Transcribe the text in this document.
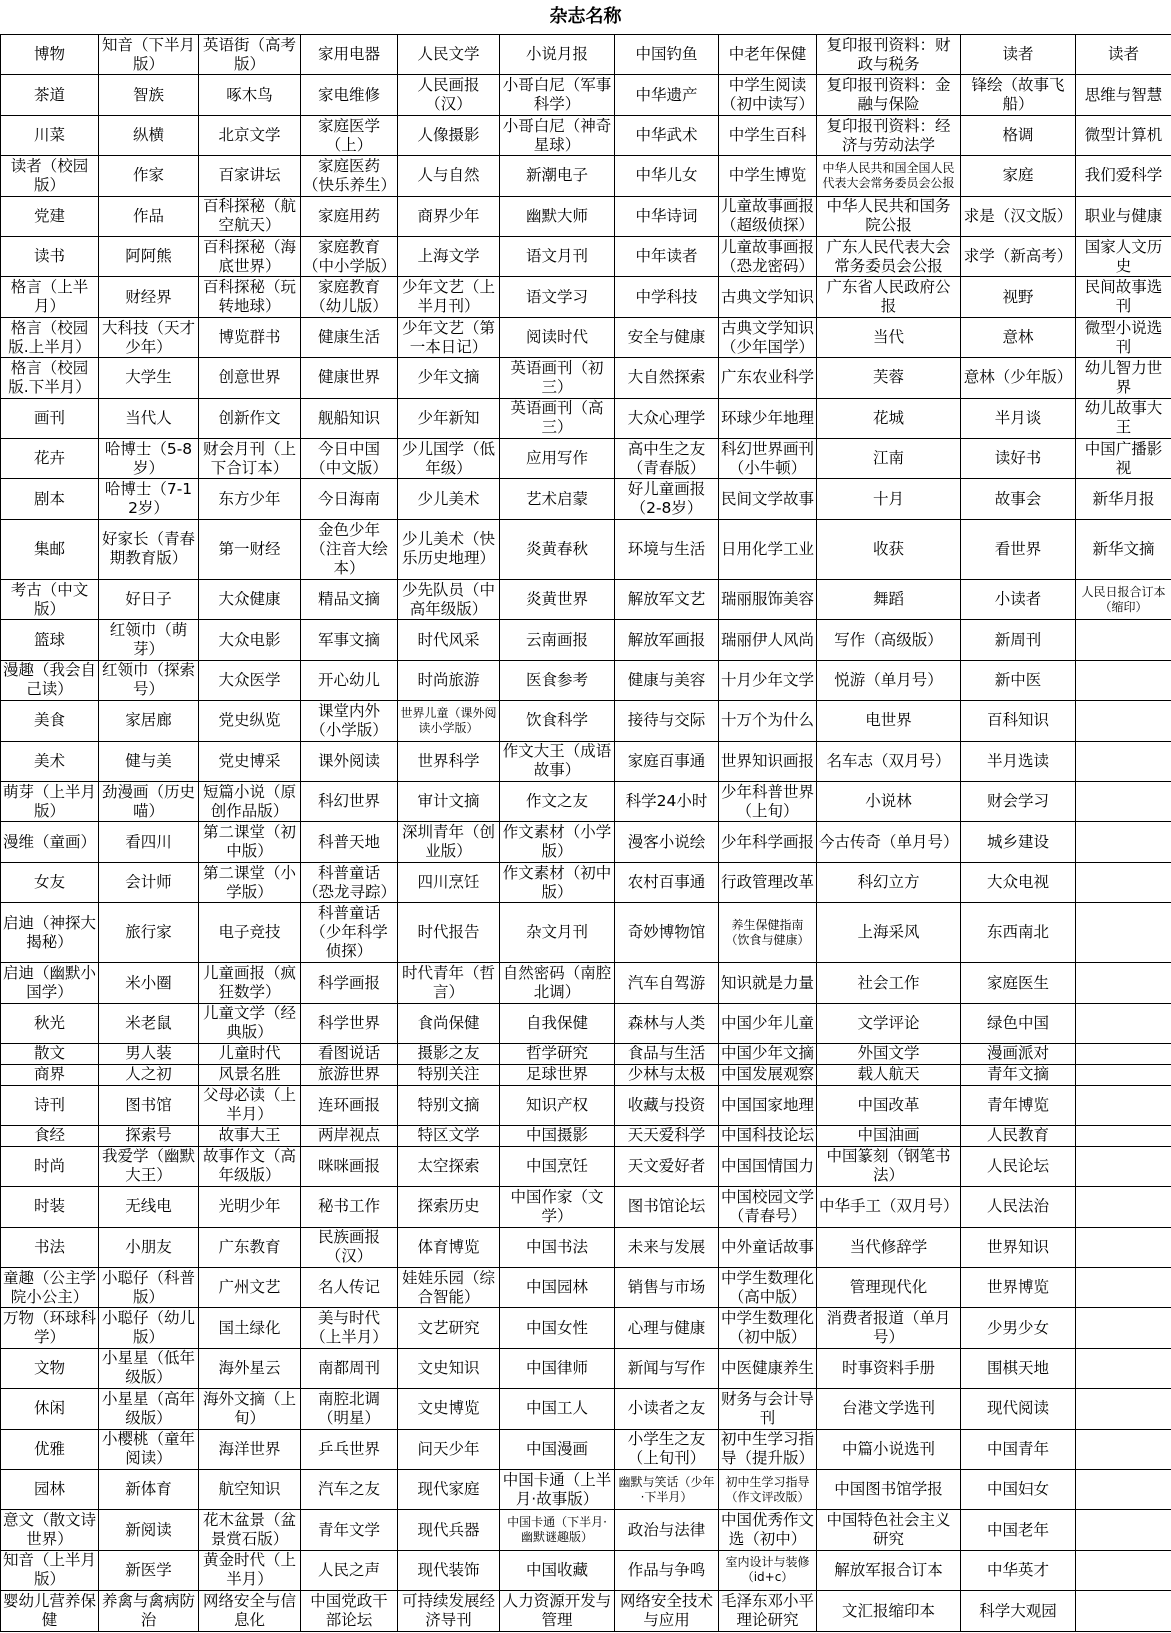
杂志名称
博物	知音（下半月版）	英语街（高考版）	家用电器	人民文学	小说月报	中国钓鱼	中老年保健	复印报刊资料：财政与税务	读者	读者
茶道	智族	啄木鸟	家电维修	人民画报（汉）	小哥白尼（军事科学）	中华遗产	中学生阅读（初中读写）	复印报刊资料：金融与保险	锋绘（故事飞船）	思维与智慧
川菜	纵横	北京文学	家庭医学（上）	人像摄影	小哥白尼（神奇星球）	中华武术	中学生百科	复印报刊资料：经济与劳动法学	格调	微型计算机
读者（校园版）	作家	百家讲坛	家庭医药（快乐养生）	人与自然	新潮电子	中华儿女	中学生博览	中华人民共和国全国人民代表大会常务委员会公报	家庭	我们爱科学
党建	作品	百科探秘（航空航天）	家庭用药	商界少年	幽默大师	中华诗词	儿童故事画报（超级侦探）	中华人民共和国务院公报	求是（汉文版）	职业与健康
读书	阿阿熊	百科探秘（海底世界）	家庭教育（中小学版）	上海文学	语文月刊	中年读者	儿童故事画报（恐龙密码）	广东人民代表大会常务委员会公报	求学（新高考）	国家人文历史
格言（上半月）	财经界	百科探秘（玩转地球）	家庭教育（幼儿版）	少年文艺（上半月刊）	语文学习	中学科技	古典文学知识	广东省人民政府公报	视野	民间故事选刊
格言（校园版.上半月）	大科技（天才少年）	博览群书	健康生活	少年文艺（第一本日记）	阅读时代	安全与健康	古典文学知识（少年国学）	当代	意林	微型小说选刊
格言（校园版.下半月）	大学生	创意世界	健康世界	少年文摘	英语画刊（初三）	大自然探索	广东农业科学	芙蓉	意林（少年版）	幼儿智力世界
画刊	当代人	创新作文	舰船知识	少年新知	英语画刊（高三）	大众心理学	环球少年地理	花城	半月谈	幼儿故事大王
花卉	哈博士（5-8岁）	财会月刊（上下合订本）	今日中国（中文版）	少儿国学（低年级）	应用写作	高中生之友（青春版）	科幻世界画刊（小牛顿）	江南	读好书	中国广播影视
剧本	哈博士（7-12岁）	东方少年	今日海南	少儿美术	艺术启蒙	好儿童画报（2-8岁）	民间文学故事	十月	故事会	新华月报
集邮	好家长（青春期教育版）	第一财经	金色少年（注音大绘本）	少儿美术（快乐历史地理）	炎黄春秋	环境与生活	日用化学工业	收获	看世界	新华文摘
考古（中文版）	好日子	大众健康	精品文摘	少先队员（中高年级版）	炎黄世界	解放军文艺	瑞丽服饰美容	舞蹈	小读者	人民日报合订本（缩印）
篮球	红领巾（萌芽）	大众电影	军事文摘	时代风采	云南画报	解放军画报	瑞丽伊人风尚	写作（高级版）	新周刊	
漫趣（我会自己读）	红领巾（探索号）	大众医学	开心幼儿	时尚旅游	医食参考	健康与美容	十月少年文学	悦游（单月号）	新中医	
美食	家居廊	党史纵览	课堂内外（小学版）	世界儿童（课外阅读小学版）	饮食科学	接待与交际	十万个为什么	电世界	百科知识	
美术	健与美	党史博采	课外阅读	世界科学	作文大王（成语故事）	家庭百事通	世界知识画报	名车志（双月号）	半月选读	
萌芽（上半月版）	劲漫画（历史喵）	短篇小说（原创作品版）	科幻世界	审计文摘	作文之友	科学24小时	少年科普世界（上旬）	小说林	财会学习	
漫维（童画）	看四川	第二课堂（初中版）	科普天地	深圳青年（创业版）	作文素材（小学版）	漫客小说绘	少年科学画报	今古传奇（单月号）	城乡建设	
女友	会计师	第二课堂（小学版）	科普童话（恐龙寻踪）	四川烹饪	作文素材（初中版）	农村百事通	行政管理改革	科幻立方	大众电视	
启迪（神探大揭秘）	旅行家	电子竞技	科普童话（少年科学侦探）	时代报告	杂文月刊	奇妙博物馆	养生保健指南（饮食与健康）	上海采风	东西南北	
启迪（幽默小国学）	米小圈	儿童画报（疯狂数学）	科学画报	时代青年（哲言）	自然密码（南腔北调）	汽车自驾游	知识就是力量	社会工作	家庭医生	
秋光	米老鼠	儿童文学（经典版）	科学世界	食尚保健	自我保健	森林与人类	中国少年儿童	文学评论	绿色中国	
散文	男人装	儿童时代	看图说话	摄影之友	哲学研究	食品与生活	中国少年文摘	外国文学	漫画派对	
商界	人之初	风景名胜	旅游世界	特别关注	足球世界	少林与太极	中国发展观察	载人航天	青年文摘	
诗刊	图书馆	父母必读（上半月）	连环画报	特别文摘	知识产权	收藏与投资	中国国家地理	中国改革	青年博览	
食经	探索号	故事大王	两岸视点	特区文学	中国摄影	天天爱科学	中国科技论坛	中国油画	人民教育	
时尚	我爱学（幽默大王）	故事作文（高年级版）	咪咪画报	太空探索	中国烹饪	天文爱好者	中国国情国力	中国篆刻（钢笔书法）	人民论坛	
时装	无线电	光明少年	秘书工作	探索历史	中国作家（文学）	图书馆论坛	中国校园文学（青春号）	中华手工（双月号）	人民法治	
书法	小朋友	广东教育	民族画报（汉）	体育博览	中国书法	未来与发展	中外童话故事	当代修辞学	世界知识	
童趣（公主学院小公主）	小聪仔（科普版）	广州文艺	名人传记	娃娃乐园（综合智能）	中国园林	销售与市场	中学生数理化（高中版）	管理现代化	世界博览	
万物（环球科学）	小聪仔（幼儿版）	国土绿化	美与时代（上半月）	文艺研究	中国女性	心理与健康	中学生数理化（初中版）	消费者报道（单月号）	少男少女	
文物	小星星（低年级版）	海外星云	南都周刊	文史知识	中国律师	新闻与写作	中医健康养生	时事资料手册	围棋天地	
休闲	小星星（高年级版）	海外文摘（上旬）	南腔北调（明星）	文史博览	中国工人	小读者之友	财务与会计导刊	台港文学选刊	现代阅读	
优雅	小樱桃（童年阅读）	海洋世界	乒乓世界	问天少年	中国漫画	小学生之友（上旬刊）	初中生学习指导（提升版）	中篇小说选刊	中国青年	
园林	新体育	航空知识	汽车之友	现代家庭	中国卡通（上半月·故事版）	幽默与笑话（少年·下半月）	初中生学习指导（作文评改版）	中国图书馆学报	中国妇女	
意文（散文诗世界）	新阅读	花木盆景（盆景赏石版）	青年文学	现代兵器	中国卡通（下半月·幽默谜趣版）	政治与法律	中国优秀作文选（初中）	中国特色社会主义研究	中国老年	
知音（上半月版）	新医学	黄金时代（上半月）	人民之声	现代装饰	中国收藏	作品与争鸣	室内设计与装修（id+c）	解放军报合订本	中华英才	
婴幼儿营养保健	养禽与禽病防治	网络安全与信息化	中国党政干部论坛	可持续发展经济导刊	人力资源开发与管理	网络安全技术与应用	毛泽东邓小平理论研究	文汇报缩印本	科学大观园	
